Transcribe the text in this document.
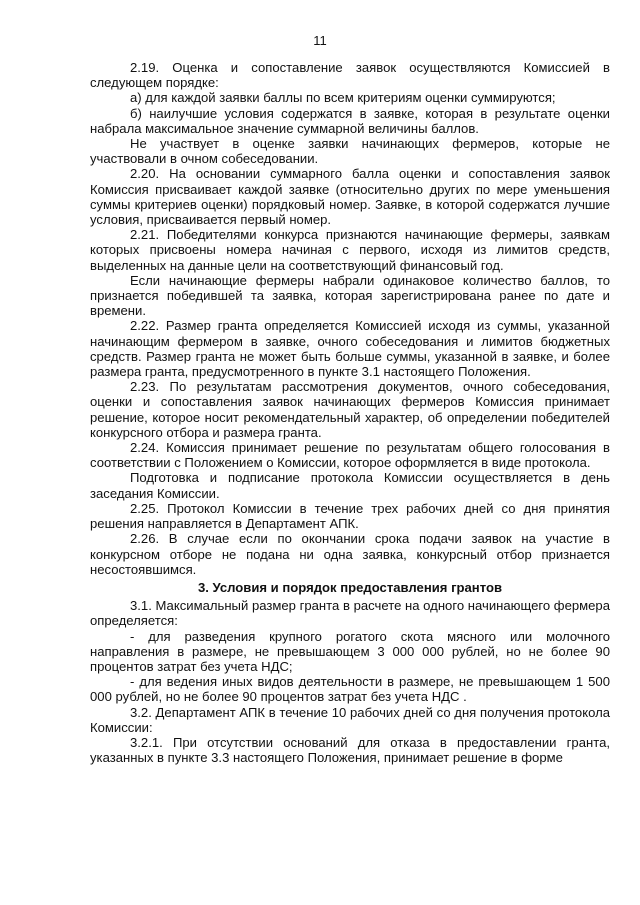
11

2.19. Оценка и сопоставление заявок осуществляются Комиссией в следующем порядке:

а) для каждой заявки баллы по всем критериям оценки суммируются;

б) наилучшие условия содержатся в заявке, которая в результате оценки набрала максимальное значение суммарной величины баллов.

Не участвует в оценке заявки начинающих фермеров, которые не участвовали в очном собеседовании.

2.20. На основании суммарного балла оценки и сопоставления заявок Комиссия присваивает каждой заявке (относительно других по мере уменьшения суммы критериев оценки) порядковый номер. Заявке, в которой содержатся лучшие условия, присваивается первый номер.

2.21. Победителями конкурса признаются начинающие фермеры, заявкам которых присвоены номера начиная с первого, исходя из лимитов средств, выделенных на данные цели на соответствующий финансовый год.

Если начинающие фермеры набрали одинаковое количество баллов, то признается победившей та заявка, которая зарегистрирована ранее по дате и времени.

2.22. Размер гранта определяется Комиссией исходя из суммы, указанной начинающим фермером в заявке, очного собеседования и лимитов бюджетных средств. Размер гранта не может быть больше суммы, указанной в заявке, и более размера гранта, предусмотренного в пункте 3.1 настоящего Положения.

2.23. По результатам рассмотрения документов, очного собеседования, оценки и сопоставления заявок начинающих фермеров Комиссия принимает решение, которое носит рекомендательный характер, об определении победителей конкурсного отбора и размера гранта.

2.24. Комиссия принимает решение по результатам общего голосования в соответствии с Положением о Комиссии, которое оформляется в виде протокола.

Подготовка и подписание протокола Комиссии осуществляется в день заседания Комиссии.

2.25. Протокол Комиссии в течение трех рабочих дней со дня принятия решения направляется в Департамент АПК.

2.26. В случае если по окончании срока подачи заявок на участие в конкурсном отборе не подана ни одна заявка, конкурсный отбор признается несостоявшимся.

3. Условия и порядок предоставления грантов

3.1. Максимальный размер гранта в расчете на одного начинающего фермера определяется:

- для разведения крупного рогатого скота мясного или молочного направления в размере, не превышающем 3 000 000 рублей, но не более 90 процентов затрат без учета НДС;

- для ведения иных видов деятельности в размере, не превышающем 1 500 000 рублей, но не более 90 процентов затрат без учета НДС .

3.2. Департамент АПК в течение 10 рабочих дней со дня получения протокола Комиссии:

3.2.1. При отсутствии оснований для отказа в предоставлении гранта, указанных в пункте 3.3 настоящего Положения, принимает решение в форме
